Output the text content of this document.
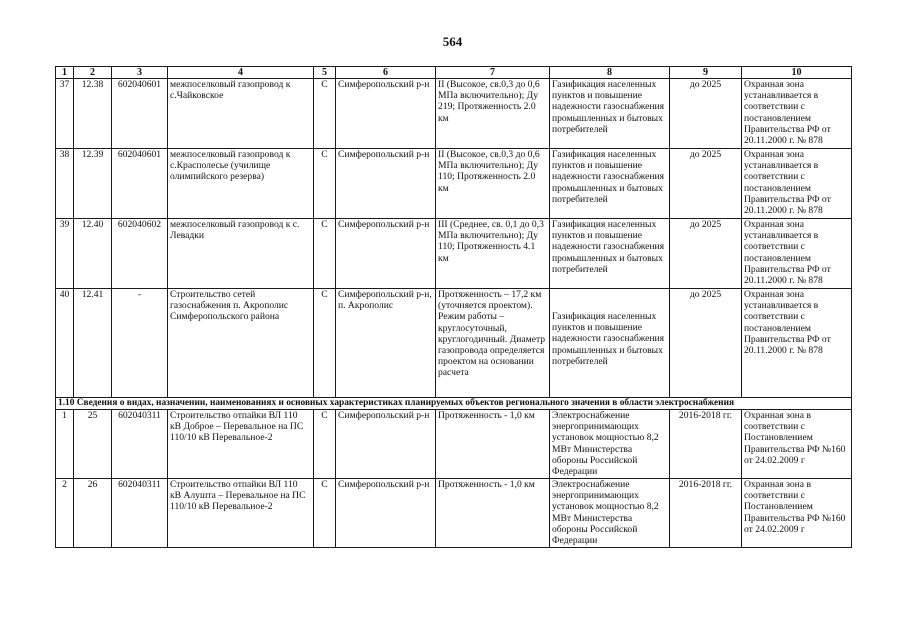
564
1	2	3	4	5	6	7	8	9	10
37	12.38	602040601	межпоселковый газопровод к с.Чайковское	С	Симферопольский р-н	II (Высокое, св.0,3 до 0,6 МПа включительно); Ду 219; Протяженность 2.0 км	Газификация населенных пунктов и повышение надежности газоснабжения промышленных и бытовых потребителей	до 2025	Охранная зона устанавливается в соответствии с постановлением Правительства РФ от 20.11.2000 г. № 878
38	12.39	602040601	межпоселковый газопровод к с.Красполесье (училище олимпийского резерва)	С	Симферопольский р-н	II (Высокое, св.0,3 до 0,6 МПа включительно); Ду 110; Протяженность 2.0 км	Газификация населенных пунктов и повышение надежности газоснабжения промышленных и бытовых потребителей	до 2025	Охранная зона устанавливается в соответствии с постановлением Правительства РФ от 20.11.2000 г. № 878
39	12.40	602040602	межпоселковый газопровод к с. Левадки	С	Симферопольский р-н	III (Среднее, св. 0,1 до 0,3 МПа включительно); Ду 110; Протяженность 4.1 км	Газификация населенных пунктов и повышение надежности газоснабжения промышленных и бытовых потребителей	до 2025	Охранная зона устанавливается в соответствии с постановлением Правительства РФ от 20.11.2000 г. № 878
40	12.41	-	Строительство сетей газоснабжения п. Акрополис Симферопольского района	С	Симферопольский р-н, п. Акрополис	Протяженность – 17,2 км (уточняется проектом). Режим работы – круглосуточный, круглогодичный. Диаметр газопровода определяется проектом на основании расчета	Газификация населенных пунктов и повышение надежности газоснабжения промышленных и бытовых потребителей	до 2025	Охранная зона устанавливается в соответствии с постановлением Правительства РФ от 20.11.2000 г. № 878
1.10 Сведения о видах, назначении, наименованиях и основных характеристиках планируемых объектов регионального значения в области электроснабжения									
1	25	602040311	Строительство отпайки ВЛ 110 кВ Доброе – Перевальное на ПС 110/10 кВ Перевальное-2	С	Симферопольский р-н	Протяженность - 1,0 км	Электроснабжение энергопринимающих установок мощностью 8,2 МВт Министерства обороны Российской Федерации	2016-2018 гг.	Охранная зона в соответствии с Постановлением Правительства РФ №160 от 24.02.2009 г
2	26	602040311	Строительство отпайки ВЛ 110 кВ Алушта – Перевальное на ПС 110/10 кВ Перевальное-2	С	Симферопольский р-н	Протяженность - 1,0 км	Электроснабжение энергопринимающих установок мощностью 8,2 МВт Министерства обороны Российской Федерации	2016-2018 гг.	Охранная зона в соответствии с Постановлением Правительства РФ №160 от 24.02.2009 г
